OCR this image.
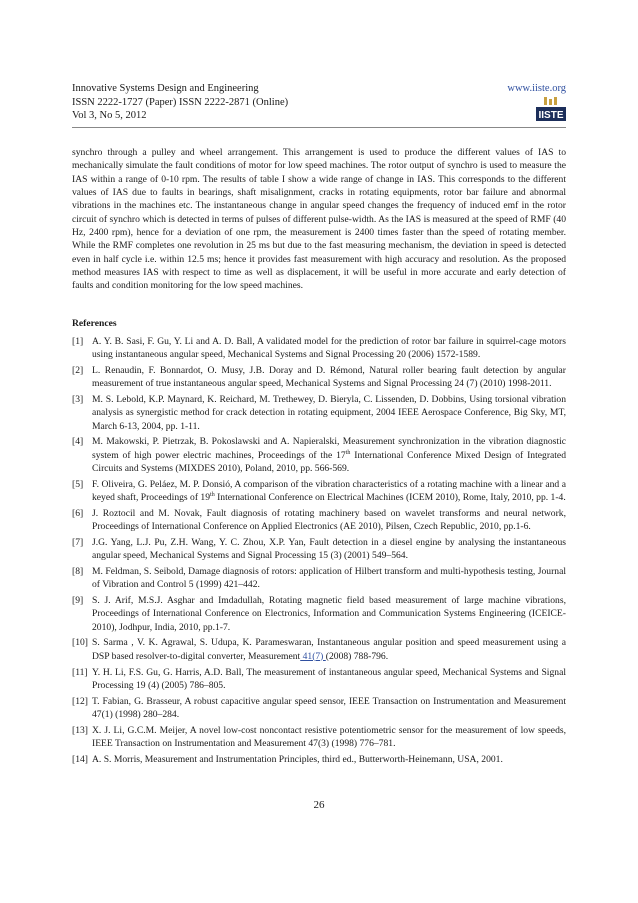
Innovative Systems Design and Engineering
ISSN 2222-1727 (Paper) ISSN 2222-2871 (Online)
Vol 3, No 5, 2012
www.iiste.org
IISTE

synchro through a pulley and wheel arrangement. This arrangement is used to produce the different values of IAS to mechanically simulate the fault conditions of motor for low speed machines. The rotor output of synchro is used to measure the IAS within a range of 0-10 rpm. The results of table I show a wide range of change in IAS. This corresponds to the different values of IAS due to faults in bearings, shaft misalignment, cracks in rotating equipments, rotor bar failure and abnormal vibrations in the machines etc. The instantaneous change in angular speed changes the frequency of induced emf in the rotor circuit of synchro which is detected in terms of pulses of different pulse-width. As the IAS is measured at the speed of RMF (40 Hz, 2400 rpm), hence for a deviation of one rpm, the measurement is 2400 times faster than the speed of rotating member. While the RMF completes one revolution in 25 ms but due to the fast measuring mechanism, the deviation in speed is detected even in half cycle i.e. within 12.5 ms; hence it provides fast measurement with high accuracy and resolution. As the proposed method measures IAS with respect to time as well as displacement, it will be useful in more accurate and early detection of faults and condition monitoring for the low speed machines.

References

[1] A. Y. B. Sasi, F. Gu, Y. Li and A. D. Ball, A validated model for the prediction of rotor bar failure in squirrel-cage motors using instantaneous angular speed, Mechanical Systems and Signal Processing 20 (2006) 1572-1589.
[2] L. Renaudin, F. Bonnardot, O. Musy, J.B. Doray and D. Rémond, Natural roller bearing fault detection by angular measurement of true instantaneous angular speed, Mechanical Systems and Signal Processing 24 (7) (2010) 1998-2011.
[3] M. S. Lebold, K.P. Maynard, K. Reichard, M. Trethewey, D. Bieryla, C. Lissenden, D. Dobbins, Using torsional vibration analysis as synergistic method for crack detection in rotating equipment, 2004 IEEE Aerospace Conference, Big Sky, MT, March 6-13, 2004, pp. 1-11.
[4] M. Makowski, P. Pietrzak, B. Pokoslawski and A. Napieralski, Measurement synchronization in the vibration diagnostic system of high power electric machines, Proceedings of the 17th International Conference Mixed Design of Integrated Circuits and Systems (MIXDES 2010), Poland, 2010, pp. 566-569.
[5] F. Oliveira, G. Peláez, M. P. Donsió, A comparison of the vibration characteristics of a rotating machine with a linear and a keyed shaft, Proceedings of 19th International Conference on Electrical Machines (ICEM 2010), Rome, Italy, 2010, pp. 1-4.
[6] J. Roztocil and M. Novak, Fault diagnosis of rotating machinery based on wavelet transforms and neural network, Proceedings of International Conference on Applied Electronics (AE 2010), Pilsen, Czech Republic, 2010, pp.1-6.
[7] J.G. Yang, L.J. Pu, Z.H. Wang, Y. C. Zhou, X.P. Yan, Fault detection in a diesel engine by analysing the instantaneous angular speed, Mechanical Systems and Signal Processing 15 (3) (2001) 549–564.
[8] M. Feldman, S. Seibold, Damage diagnosis of rotors: application of Hilbert transform and multi-hypothesis testing, Journal of Vibration and Control 5 (1999) 421–442.
[9] S. J. Arif, M.S.J. Asghar and Imdadullah, Rotating magnetic field based measurement of large machine vibrations, Proceedings of International Conference on Electronics, Information and Communication Systems Engineering (ICEICE-2010), Jodhpur, India, 2010, pp.1-7.
[10] S. Sarma , V. K. Agrawal, S. Udupa, K. Parameswaran, Instantaneous angular position and speed measurement using a DSP based resolver-to-digital converter, Measurement 41(7) (2008) 788-796.
[11] Y. H. Li, F.S. Gu, G. Harris, A.D. Ball, The measurement of instantaneous angular speed, Mechanical Systems and Signal Processing 19 (4) (2005) 786–805.
[12] T. Fabian, G. Brasseur, A robust capacitive angular speed sensor, IEEE Transaction on Instrumentation and Measurement 47(1) (1998) 280–284.
[13] X. J. Li, G.C.M. Meijer, A novel low-cost noncontact resistive potentiometric sensor for the measurement of low speeds, IEEE Transaction on Instrumentation and Measurement 47(3) (1998) 776–781.
[14] A. S. Morris, Measurement and Instrumentation Principles, third ed., Butterworth-Heinemann, USA, 2001.
26
